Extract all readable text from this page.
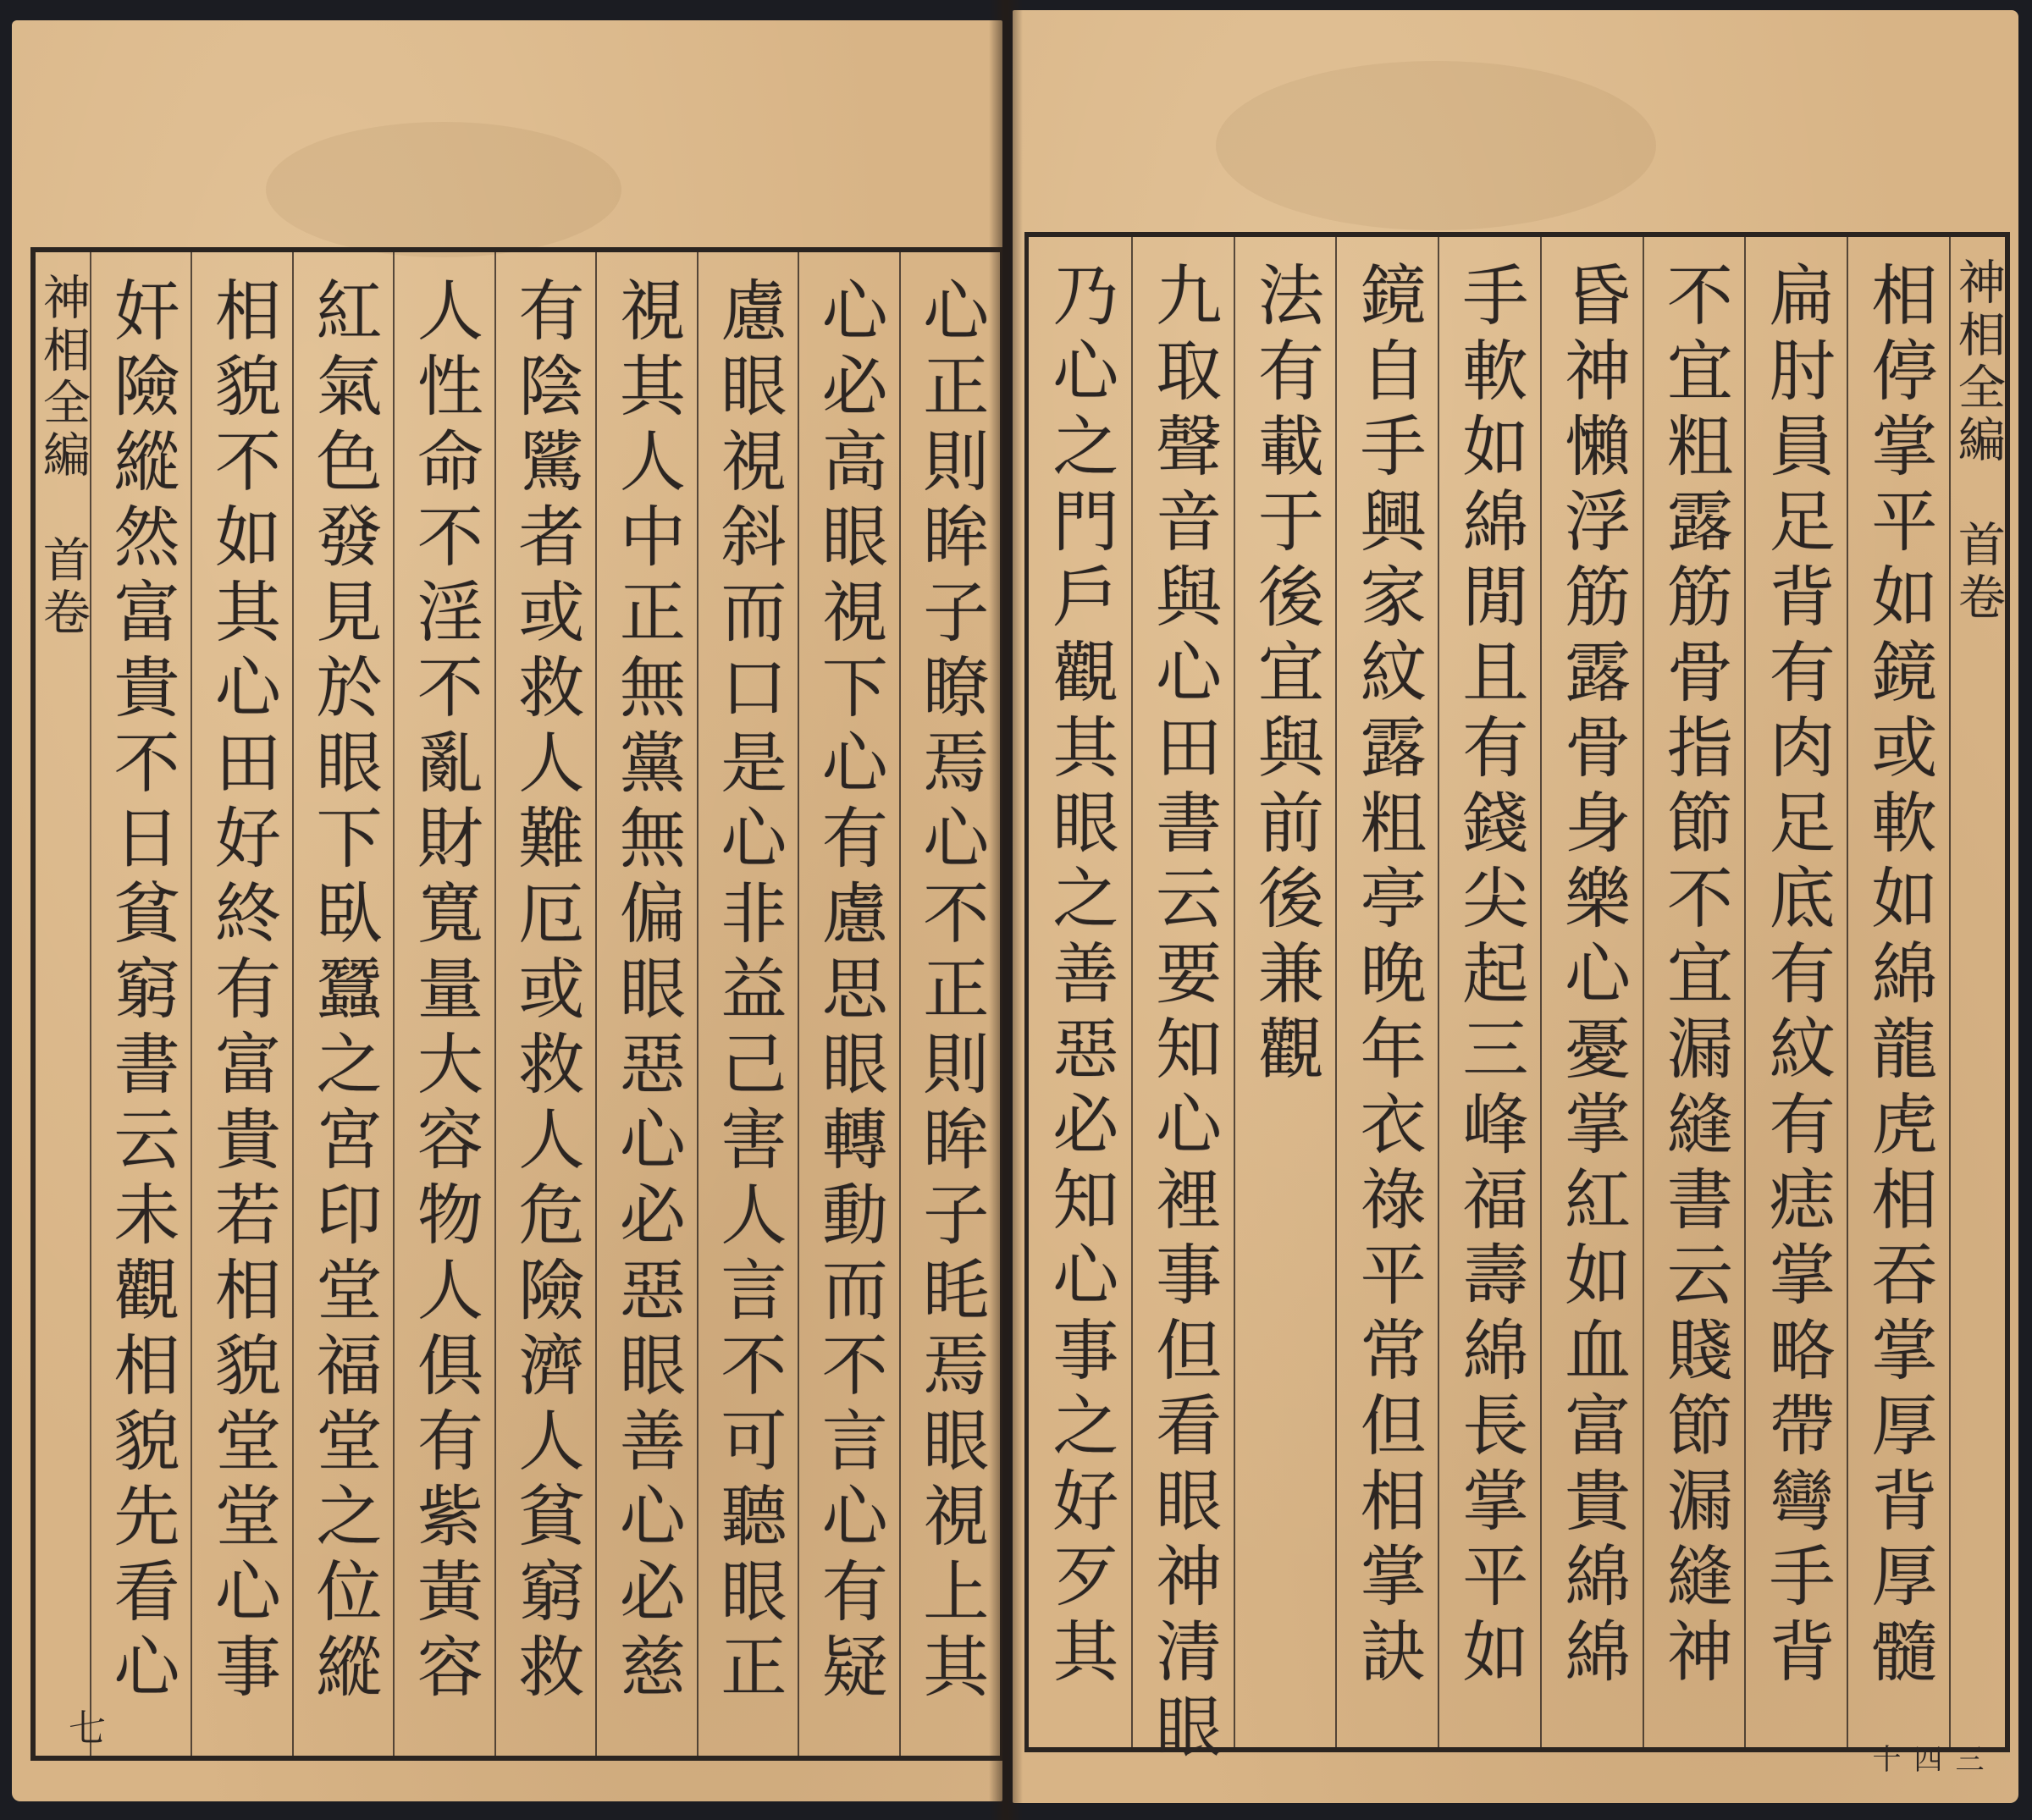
心正則眸子瞭焉心不正則眸子眊焉眼視上其
心必高眼視下心有慮思眼轉動而不言心有疑
慮眼視斜而口是心非益己害人言不可聽眼正
視其人中正無黨無偏眼惡心必惡眼善心必慈
有陰騭者或救人難厄或救人危險濟人貧窮救
人性命不淫不亂財寬量大容物人俱有紫黃容
紅氣色發見於眼下臥蠶之宮印堂福堂之位縱
相貌不如其心田好終有富貴若相貌堂堂心事
奸險縱然富貴不日貧窮書云未觀相貌先看心
神相全編　首卷
七
神相全編　首卷
相停掌平如鏡或軟如綿龍虎相吞掌厚背厚髓
扁肘員足背有肉足底有紋有痣掌略帶彎手背
不宜粗露筋骨指節不宜漏縫書云賤節漏縫神
昏神懶浮筋露骨身樂心憂掌紅如血富貴綿綿
手軟如綿閒且有錢尖起三峰福壽綿長掌平如
鏡自手興家紋露粗亭晚年衣祿平常但相掌訣
法有載于後宜與前後兼觀
九取聲音與心田書云要知心裡事但看眼神清眼
乃心之門戶觀其眼之善惡必知心事之好歹其
三四十
